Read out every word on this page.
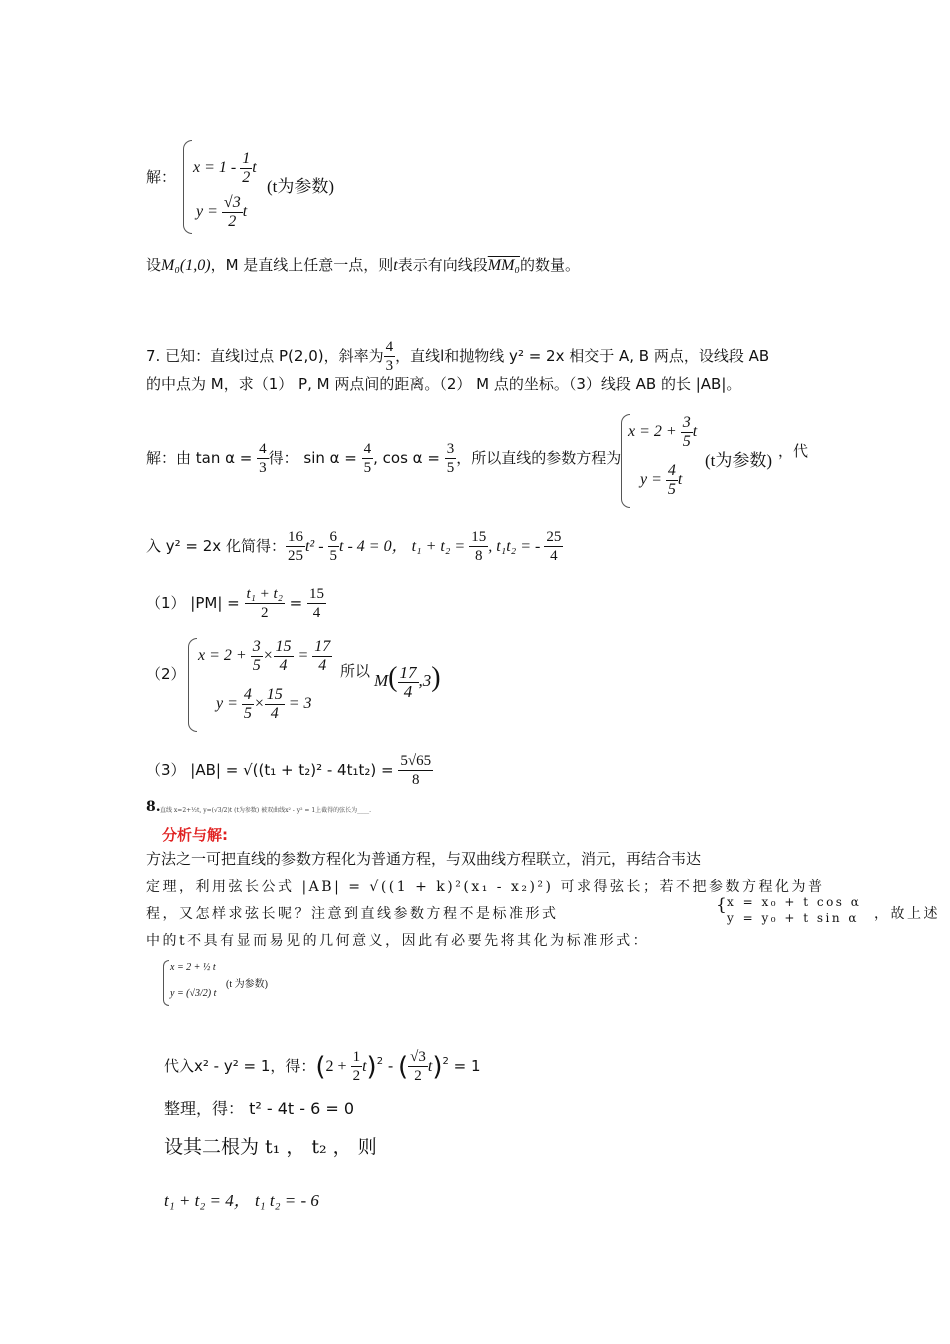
解：
$x = 1 - \frac{1}{2}$ t
(t为参数)
$y = \frac{√3}{2}$ t
设M₀(1,0)，M 是直线上任意一点，则t表示有向线段MM₀的数量。
7. 已知：直线l过点 P(2,0)，斜率为 $\frac{4}{3}$ ，直线l和抛物线 y² = 2x 相交于 A, B 两点，设线段 AB
的中点为 M，求（1） P, M 两点间的距离。（2） M 点的坐标。（3）线段 AB 的长 |AB|。
解：由 $\tan \alpha = \frac{4}{3}$ 得： $\sin \alpha = \frac{4}{5}$ , $\cos \alpha = \frac{3}{5}$ ，所以直线的参数方程为
$x = 2 + \frac{3}{5}$ t
(t为参数) ，代
$y = \frac{4}{5}$ t
入 y² = 2x 化简得： $\frac{16}{25} t^2 - \frac{6}{5}$ t - 4 = 0， $t_1 + t_2 = \frac{15}{8}$ , t₁t₂ = - $\frac{25}{4}$
（1） $|PM| = \frac{\text{t₁ + t₂}}{2} = \frac{15}{4}$
（2）
$x = 2 + \frac{3}{5} \times \frac{15}{4} = \frac{17}{4}$ 所以 $M( \frac{17}{4} ,3)$
$y = \frac{4}{5} \times \frac{15}{4} = 3$
（3） $|AB| = √((t_1 + t_2)^2 - 4t_1t_2) = \frac{5√65}{8}$
8. 直线 x=2+½t, y=(√3/2)t (t为参数) 被双曲线x² - y² = 1上截得的弦长为____.
分析与解:
方法之一可把直线的参数方程化为普通方程，与双曲线方程联立，消元，再结合韦达
定理，利用弦长公式 |AB| = √((1 + k)²(x₁ - x₂)²) 可求得弦长；若不把参数方程化为普
程，又怎样求弦长呢？注意到直线参数方程不是标准形式	{ x = x₀ + t cos α
y = y₀ + t sin α ，故上述
中的t不具有显而易见的几何意义，因此有必要先将其化为标准形式：
x = 2 + ½ t
(t 为参数)
y = (√3/2) t
代入x² - y² = 1，得：$(2 + \frac{1}{2} t)^2$ - ( $\frac{√3}{2} t)^2 = 1$
整理，得： t² - 4t - 6 = 0
设其二根为 t₁ ， t₂ ， 则
t₁ + t₂ = 4， t₁ t₂ = - 6
